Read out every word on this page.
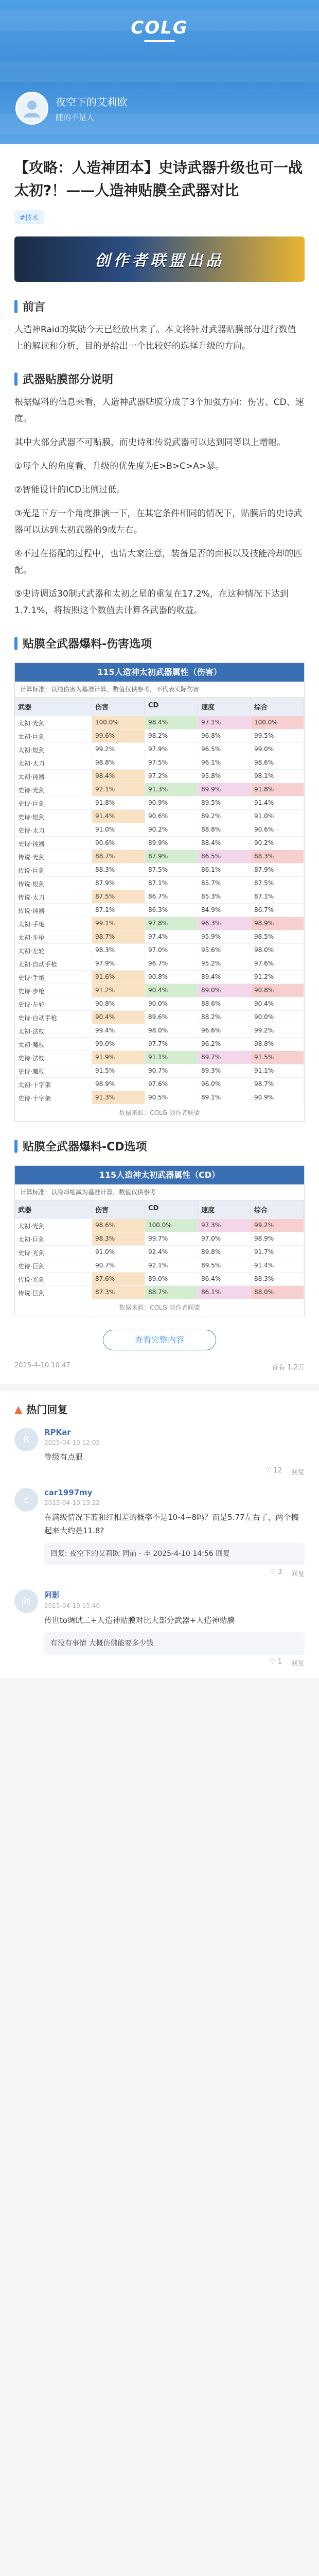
COLG
夜空下的艾莉欧
随的不是人
【攻略：人造神团本】史诗武器升级也可一战太初?！——人造神贴膜全武器对比
#技术
创作者联盟出品
前言
人造神Raid的奖励今天已经放出来了。本文将针对武器贴膜部分进行数值上的解读和分析，目的是给出一个比较好的选择升级的方向。
武器贴膜部分说明
根据爆料的信息来看，人造神武器贴膜分成了3个加强方向：伤害、CD、速度。
其中大部分武器不可贴膜，而史诗和传说武器可以达到同等以上增幅。
①每个人的角度看，升级的优先度为E>B>C>A>暴。
②智能设计的ICD比例过低。
③光是下方一个角度推演一下，在其它条件相同的情况下，贴膜后的史诗武器可以达到太初武器的9成左右。
④不过在搭配的过程中，也请大家注意，装备是否的面板以及技能冷却的匹配。
⑤史诗调适30制式武器和太初之星的重复在17.2%，在这种情况下达到1.7.1%，将按照这个数值去计算各武器的收益。
贴膜全武器爆料-伤害选项
115人造神太初武器属性（伤害）
计算标准：以纯伤害为基准计算，数值仅供参考，不代表实际伤害
武器	伤害	CD	速度	综合
太初·光剑	100.0%	98.4%	97.1%	100.0%
太初·巨剑	99.6%	98.2%	96.8%	99.5%
太初·短剑	99.2%	97.9%	96.5%	99.0%
太初·太刀	98.8%	97.5%	96.1%	98.6%
太初·钝器	98.4%	97.2%	95.8%	98.1%
史诗·光剑	92.1%	91.3%	89.9%	91.8%
史诗·巨剑	91.8%	90.9%	89.5%	91.4%
史诗·短剑	91.4%	90.6%	89.2%	91.0%
史诗·太刀	91.0%	90.2%	88.8%	90.6%
史诗·钝器	90.6%	89.9%	88.4%	90.2%
传说·光剑	88.7%	87.9%	86.5%	88.3%
传说·巨剑	88.3%	87.5%	86.1%	87.9%
传说·短剑	87.9%	87.1%	85.7%	87.5%
传说·太刀	87.5%	86.7%	85.3%	87.1%
传说·钝器	87.1%	86.3%	84.9%	86.7%
太初·手炮	99.1%	97.8%	96.3%	98.9%
太初·步枪	98.7%	97.4%	95.9%	98.5%
太初·左轮	98.3%	97.0%	95.6%	98.0%
太初·自动手枪	97.9%	96.7%	95.2%	97.6%
史诗·手炮	91.6%	90.8%	89.4%	91.2%
史诗·步枪	91.2%	90.4%	89.0%	90.8%
史诗·左轮	90.8%	90.0%	88.6%	90.4%
史诗·自动手枪	90.4%	89.6%	88.2%	90.0%
太初·法杖	99.4%	98.0%	96.6%	99.2%
太初·魔杖	99.0%	97.7%	96.2%	98.8%
史诗·法杖	91.9%	91.1%	89.7%	91.5%
史诗·魔杖	91.5%	90.7%	89.3%	91.1%
太初·十字架	98.9%	97.6%	96.0%	98.7%
史诗·十字架	91.3%	90.5%	89.1%	90.9%
数据来源：COLG 创作者联盟
贴膜全武器爆料-CD选项
115人造神太初武器属性（CD）
计算标准：以冷却缩减为基准计算，数值仅供参考
武器	伤害	CD	速度	综合
太初·光剑	98.6%	100.0%	97.3%	99.2%
太初·巨剑	98.3%	99.7%	97.0%	98.9%
史诗·光剑	91.0%	92.4%	89.8%	91.7%
史诗·巨剑	90.7%	92.1%	89.5%	91.4%
传说·光剑	87.6%	89.0%	86.4%	88.3%
传说·巨剑	87.3%	88.7%	86.1%	88.0%
数据来源：COLG 创作者联盟
查看完整内容
2025-4-10 10:47	查看 1.2万
▲ 热门回复
R
RPKar
2025-04-10 12:05
等级有点狠
♡ 12 回复
c
car1997my
2025-04-10 13:22
在满级情况下蓝和红相差的概率不是10-4~8吗？而是5.77左右了，两个搞起来大约是11.8?
回复: 夜空下的艾莉欧 同前 · 丰 2025-4-10 14:56 回复
♡ 3 回复
阿
阿影
2025-04-10 15:40
传世to调试二+人造神贴膜对比大部分武器+人造神贴膜
有没有事情 大概仿佛能要多少钱
♡ 1 回复
